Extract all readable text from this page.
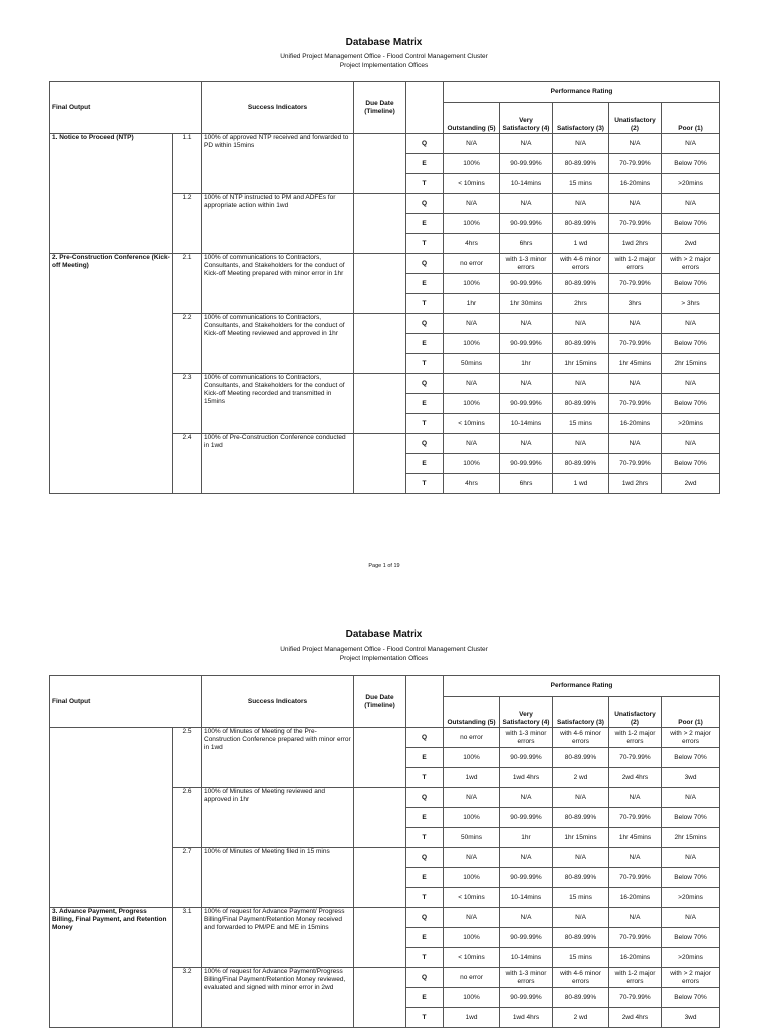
Database Matrix
Unified Project Management Office - Flood Control Management Cluster
Project Implementation Offices
Final Output		Success Indicators	Due Date (Timeline)		Performance Rating				
					Outstanding (5)	Very Satisfactory (4)	Satisfactory (3)	Unatisfactory (2)	Poor (1)
1. Notice to Proceed (NTP)	1.1	100% of approved NTP received and forwarded to PD within 15mins		Q	N/A	N/A	N/A	N/A	N/A
				E	100%	90-99.99%	80-89.99%	70-79.99%	Below 70%
				T	< 10mins	10-14mins	15 mins	16-20mins	>20mins
	1.2	100% of NTP instructed to PM and ADFEs for appropriate action within 1wd		Q	N/A	N/A	N/A	N/A	N/A
				E	100%	90-99.99%	80-89.99%	70-79.99%	Below 70%
				T	4hrs	6hrs	1 wd	1wd 2hrs	2wd
2. Pre-Construction Conference (Kick-off Meeting)	2.1	100% of communications to Contractors, Consultants, and Stakeholders for the conduct of Kick-off Meeting prepared with minor error in 1hr		Q	no error	with 1-3 minor errors	with 4-6 minor errors	with 1-2 major errors	with > 2 major errors
				E	100%	90-99.99%	80-89.99%	70-79.99%	Below 70%
				T	1hr	1hr 30mins	2hrs	3hrs	> 3hrs
	2.2	100% of communications to Contractors, Consultants, and Stakeholders for the conduct of Kick-off Meeting reviewed and approved in 1hr		Q	N/A	N/A	N/A	N/A	N/A
				E	100%	90-99.99%	80-89.99%	70-79.99%	Below 70%
				T	50mins	1hr	1hr 15mins	1hr 45mins	2hr 15mins
	2.3	100% of communications to Contractors, Consultants, and Stakeholders for the conduct of Kick-off Meeting recorded and transmitted in 15mins		Q	N/A	N/A	N/A	N/A	N/A
				E	100%	90-99.99%	80-89.99%	70-79.99%	Below 70%
				T	< 10mins	10-14mins	15 mins	16-20mins	>20mins
	2.4	100% of Pre-Construction Conference conducted in 1wd		Q	N/A	N/A	N/A	N/A	N/A
				E	100%	90-99.99%	80-89.99%	70-79.99%	Below 70%
				T	4hrs	6hrs	1 wd	1wd 2hrs	2wd
Page 1 of 19
Database Matrix
Unified Project Management Office - Flood Control Management Cluster
Project Implementation Offices
Final Output		Success Indicators	Due Date (Timeline)		Performance Rating				
					Outstanding (5)	Very Satisfactory (4)	Satisfactory (3)	Unatisfactory (2)	Poor (1)
	2.5	100% of Minutes of Meeting of the Pre-Construction Conference prepared with minor error in 1wd		Q	no error	with 1-3 minor errors	with 4-6 minor errors	with 1-2 major errors	with > 2 major errors
				E	100%	90-99.99%	80-89.99%	70-79.99%	Below 70%
				T	1wd	1wd 4hrs	2 wd	2wd 4hrs	3wd
	2.6	100% of Minutes of Meeting reviewed and approved in 1hr		Q	N/A	N/A	N/A	N/A	N/A
				E	100%	90-99.99%	80-89.99%	70-79.99%	Below 70%
				T	50mins	1hr	1hr 15mins	1hr 45mins	2hr 15mins
	2.7	100% of Minutes of Meeting filed in 15 mins		Q	N/A	N/A	N/A	N/A	N/A
				E	100%	90-99.99%	80-89.99%	70-79.99%	Below 70%
				T	< 10mins	10-14mins	15 mins	16-20mins	>20mins
3. Advance Payment, Progress Billing, Final Payment, and Retention Money	3.1	100% of request for Advance Payment/ Progress Billing/Final Payment/Retention Money received and forwarded to PM/PE and ME in 15mins		Q	N/A	N/A	N/A	N/A	N/A
				E	100%	90-99.99%	80-89.99%	70-79.99%	Below 70%
				T	< 10mins	10-14mins	15 mins	16-20mins	>20mins
	3.2	100% of request for Advance Payment/Progress Billing/Final Payment/Retention Money reviewed, evaluated and signed with minor error in 2wd		Q	no error	with 1-3 minor errors	with 4-6 minor errors	with 1-2 major errors	with > 2 major errors
				E	100%	90-99.99%	80-89.99%	70-79.99%	Below 70%
				T	1wd	1wd 4hrs	2 wd	2wd 4hrs	3wd
